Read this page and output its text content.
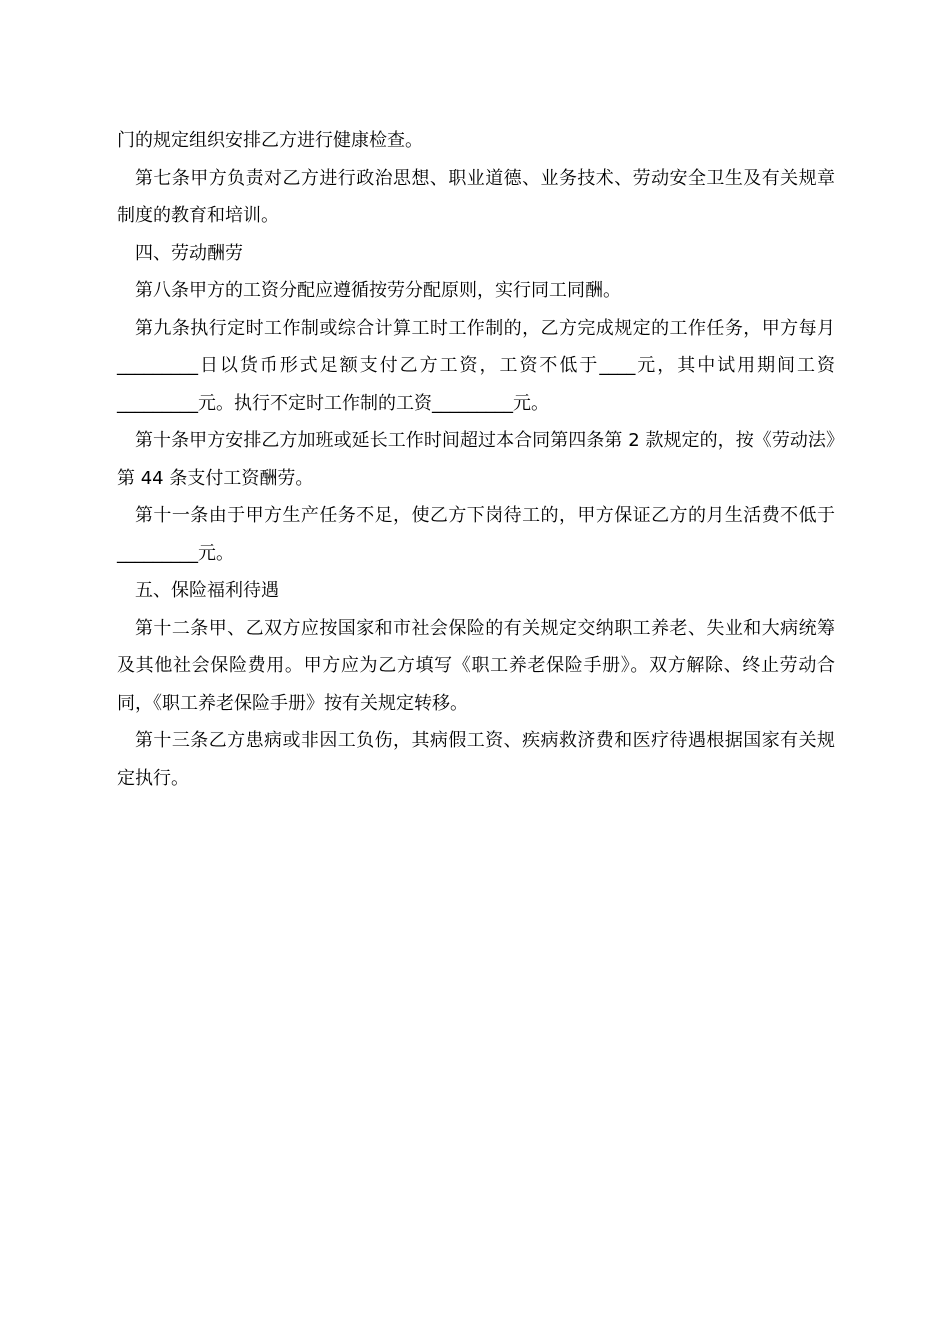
门的规定组织安排乙方进行健康检查。

第七条甲方负责对乙方进行政治思想、职业道德、业务技术、劳动安全卫生及有关规章制度的教育和培训。

四、劳动酬劳

第八条甲方的工资分配应遵循按劳分配原则，实行同工同酬。

第九条执行定时工作制或综合计算工时工作制的，乙方完成规定的工作任务，甲方每月_________日以货币形式足额支付乙方工资，工资不低于____元，其中试用期间工资_________元。执行不定时工作制的工资_________元。

第十条甲方安排乙方加班或延长工作时间超过本合同第四条第 2 款规定的，按《劳动法》第 44 条支付工资酬劳。

第十一条由于甲方生产任务不足，使乙方下岗待工的，甲方保证乙方的月生活费不低于_________元。

五、保险福利待遇

第十二条甲、乙双方应按国家和市社会保险的有关规定交纳职工养老、失业和大病统筹及其他社会保险费用。甲方应为乙方填写《职工养老保险手册》。双方解除、终止劳动合同，《职工养老保险手册》按有关规定转移。

第十三条乙方患病或非因工负伤，其病假工资、疾病救济费和医疗待遇根据国家有关规定执行。
